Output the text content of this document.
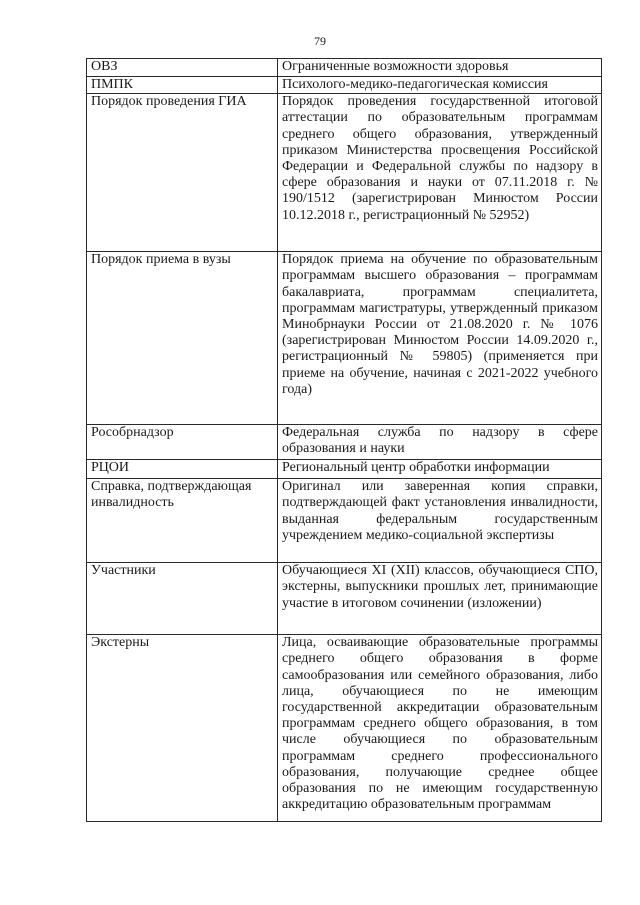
79
ОВЗ	Ограниченные возможности здоровья
ПМПК	Психолого-медико-педагогическая комиссия
Порядок проведения ГИА	Порядок проведения государственной итоговой аттестации по образовательным программам среднего общего образования, утвержденный приказом Министерства просвещения Российской Федерации и Федеральной службы по надзору в сфере образования и науки от 07.11.2018 г. № 190/1512 (зарегистрирован Минюстом России 10.12.2018 г., регистрационный № 52952)
Порядок приема в вузы	Порядок приема на обучение по образовательным программам высшего образования – программам бакалавриата, программам специалитета, программам магистратуры, утвержденный приказом Минобрнауки России от 21.08.2020 г. № 1076 (зарегистрирован Минюстом России 14.09.2020 г., регистрационный № 59805) (применяется при приеме на обучение, начиная с 2021-2022 учебного года)
Рособрнадзор	Федеральная служба по надзору в сфере образования и науки
РЦОИ	Региональный центр обработки информации
Справка, подтверждающая инвалидность	Оригинал или заверенная копия справки, подтверждающей факт установления инвалидности, выданная федеральным государственным учреждением медико-социальной экспертизы
Участники	Обучающиеся XI (XII) классов, обучающиеся СПО, экстерны, выпускники прошлых лет, принимающие участие в итоговом сочинении (изложении)
Экстерны	Лица, осваивающие образовательные программы среднего общего образования в форме самообразования или семейного образования, либо лица, обучающиеся по не имеющим государственной аккредитации образовательным программам среднего общего образования, в том числе обучающиеся по образовательным программам среднего профессионального образования, получающие среднее общее образования по не имеющим государственную аккредитацию образовательным программам
